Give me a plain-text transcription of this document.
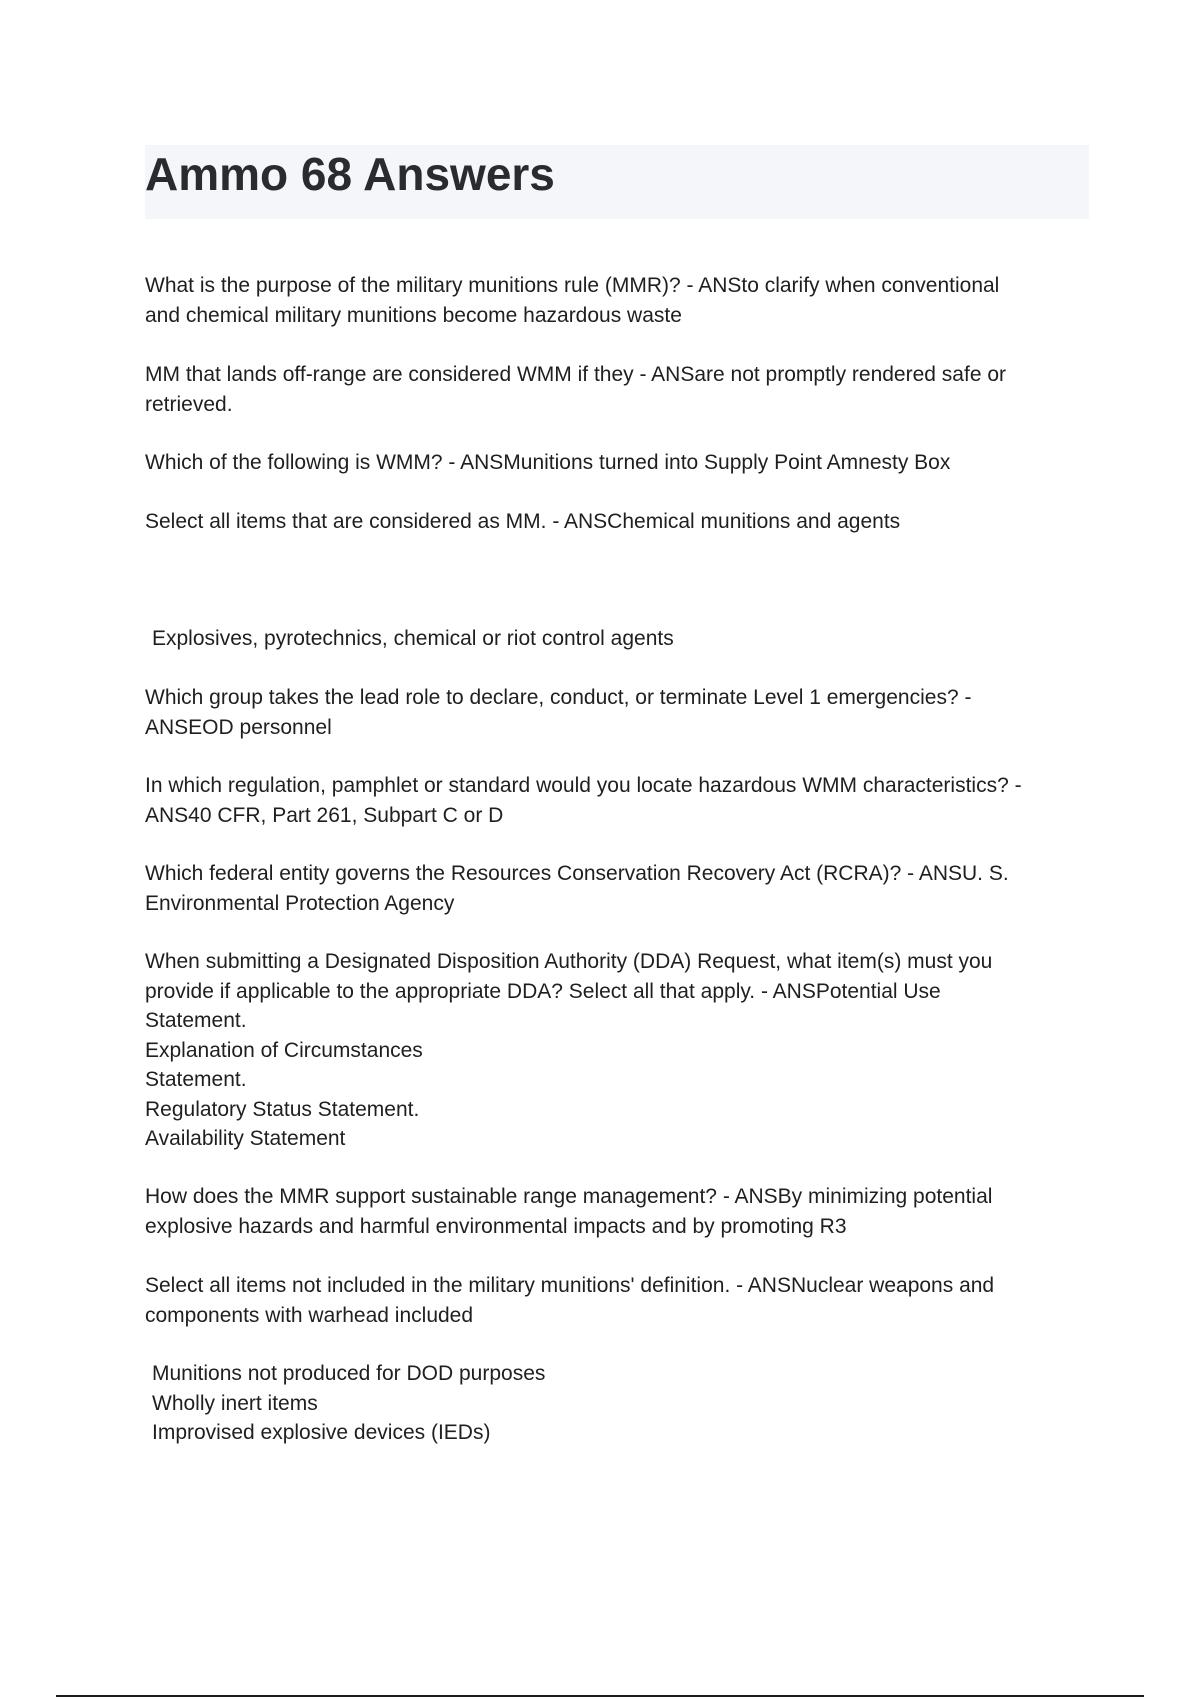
Ammo 68 Answers
What is the purpose of the military munitions rule (MMR)? - ANSto clarify when conventional
and chemical military munitions become hazardous waste
MM that lands off-range are considered WMM if they - ANSare not promptly rendered safe or
retrieved.
Which of the following is WMM? - ANSMunitions turned into Supply Point Amnesty Box
Select all items that are considered as MM. - ANSChemical munitions and agents
Explosives, pyrotechnics, chemical or riot control agents
Which group takes the lead role to declare, conduct, or terminate Level 1 emergencies? -
ANSEOD personnel
In which regulation, pamphlet or standard would you locate hazardous WMM characteristics? -
ANS40 CFR, Part 261, Subpart C or D
Which federal entity governs the Resources Conservation Recovery Act (RCRA)? - ANSU. S.
Environmental Protection Agency
When submitting a Designated Disposition Authority (DDA) Request, what item(s) must you
provide if applicable to the appropriate DDA? Select all that apply. - ANSPotential Use
Statement.
Explanation of Circumstances
Statement.
Regulatory Status Statement.
Availability Statement
How does the MMR support sustainable range management? - ANSBy minimizing potential
explosive hazards and harmful environmental impacts and by promoting R3
Select all items not included in the military munitions' definition. - ANSNuclear weapons and
components with warhead included
Munitions not produced for DOD purposes
Wholly inert items
Improvised explosive devices (IEDs)
